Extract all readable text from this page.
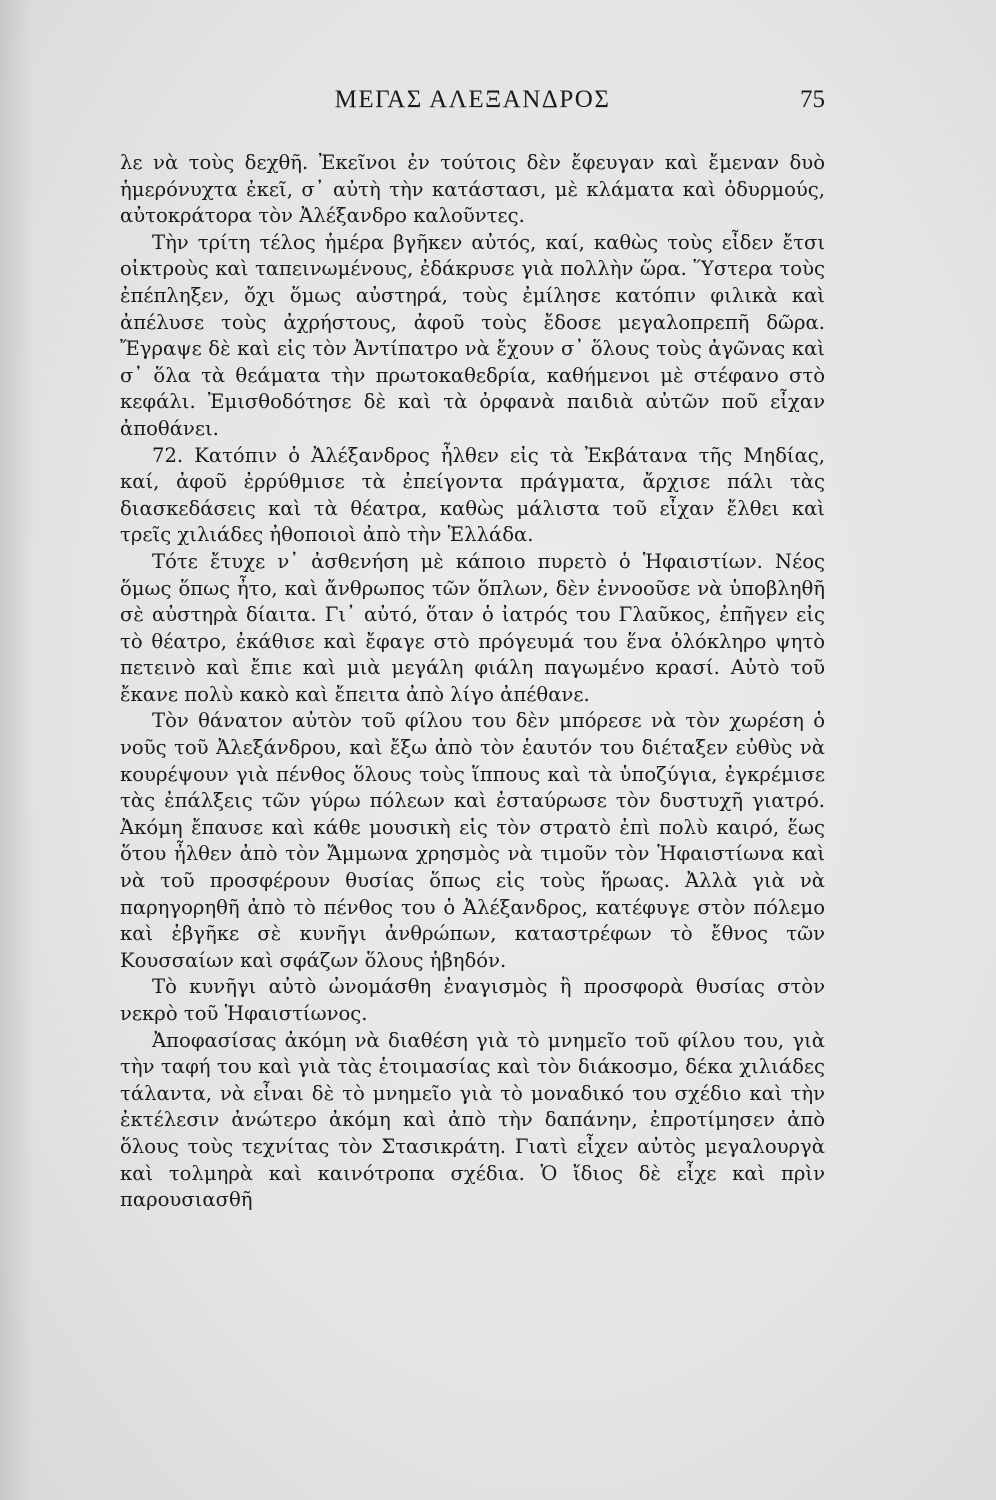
ΜΕΓΑΣ ΑΛΕΞΑΝΔΡΟΣ	75

λε νὰ τοὺς δεχθῆ. Ἐκεῖνοι ἐν τούτοις δὲν ἔφευγαν καὶ ἔμεναν δυὸ ἡμερόνυχτα ἐκεῖ, σ᾿ αὐτὴ τὴν κατάστασι, μὲ κλάματα καὶ ὀδυρμούς, αὐτοκράτορα τὸν Ἀλέξανδρο καλοῦντες.

Τὴν τρίτη τέλος ἡμέρα βγῆκεν αὐτός, καί, καθὼς τοὺς εἶδεν ἔτσι οἰκτροὺς καὶ ταπεινωμένους, ἐδάκρυσε γιὰ πολλὴν ὥρα. Ὕστερα τοὺς ἐπέπληξεν, ὄχι ὅμως αὐστηρά, τοὺς ἐμίλησε κατόπιν φιλικὰ καὶ ἀπέλυσε τοὺς ἀχρήστους, ἀφοῦ τοὺς ἔδοσε μεγαλοπρεπῆ δῶρα. Ἔγραψε δὲ καὶ εἰς τὸν Ἀντίπατρο νὰ ἔχουν σ᾿ ὅλους τοὺς ἀγῶνας καὶ σ᾿ ὅλα τὰ θεάματα τὴν πρωτοκαθεδρία, καθήμενοι μὲ στέφανο στὸ κεφάλι. Ἐμισθοδότησε δὲ καὶ τὰ ὀρφανὰ παιδιὰ αὐτῶν ποῦ εἶχαν ἀποθάνει.

72. Κατόπιν ὁ Ἀλέξανδρος ἦλθεν εἰς τὰ Ἐκβάτανα τῆς Μηδίας, καί, ἀφοῦ ἐρρύθμισε τὰ ἐπείγοντα πράγματα, ἄρχισε πάλι τὰς διασκεδάσεις καὶ τὰ θέατρα, καθὼς μάλιστα τοῦ εἶχαν ἔλθει καὶ τρεῖς χιλιάδες ἠθοποιοὶ ἀπὸ τὴν Ἑλλάδα.

Τότε ἔτυχε ν᾿ ἀσθενήση μὲ κάποιο πυρετὸ ὁ Ἡφαιστίων. Νέος ὅμως ὅπως ἦτο, καὶ ἄνθρωπος τῶν ὅπλων, δὲν ἐννοοῦσε νὰ ὑποβληθῆ σὲ αὐστηρὰ δίαιτα. Γι᾿ αὐτό, ὅταν ὁ ἰατρός του Γλαῦκος, ἐπῆγεν εἰς τὸ θέατρο, ἐκάθισε καὶ ἔφαγε στὸ πρόγευμά του ἕνα ὁλόκληρο ψητὸ πετεινὸ καὶ ἔπιε καὶ μιὰ μεγάλη φιάλη παγωμένο κρασί. Αὐτὸ τοῦ ἔκανε πολὺ κακὸ καὶ ἔπειτα ἀπὸ λίγο ἀπέθανε.

Τὸν θάνατον αὐτὸν τοῦ φίλου του δὲν μπόρεσε νὰ τὸν χωρέση ὁ νοῦς τοῦ Ἀλεξάνδρου, καὶ ἔξω ἀπὸ τὸν ἑαυτόν του διέταξεν εὐθὺς νὰ κουρέψουν γιὰ πένθος ὅλους τοὺς ἵππους καὶ τὰ ὑποζύγια, ἐγκρέμισε τὰς ἐπάλξεις τῶν γύρω πόλεων καὶ ἐσταύρωσε τὸν δυστυχῆ γιατρό. Ἀκόμη ἔπαυσε καὶ κάθε μουσικὴ εἰς τὸν στρατὸ ἐπὶ πολὺ καιρό, ἕως ὅτου ἦλθεν ἀπὸ τὸν Ἄμμωνα χρησμὸς νὰ τιμοῦν τὸν Ἡφαιστίωνα καὶ νὰ τοῦ προσφέρουν θυσίας ὅπως εἰς τοὺς ἥρωας. Ἀλλὰ γιὰ νὰ παρηγορηθῆ ἀπὸ τὸ πένθος του ὁ Ἀλέξανδρος, κατέφυγε στὸν πόλεμο καὶ ἐβγῆκε σὲ κυνῆγι ἀνθρώπων, καταστρέφων τὸ ἔθνος τῶν Κουσσαίων καὶ σφάζων ὅλους ἡβηδόν.

Τὸ κυνῆγι αὐτὸ ὠνομάσθη ἐναγισμὸς ἢ προσφορὰ θυσίας στὸν νεκρὸ τοῦ Ἡφαιστίωνος.

Ἀποφασίσας ἀκόμη νὰ διαθέση γιὰ τὸ μνημεῖο τοῦ φίλου του, γιὰ τὴν ταφή του καὶ γιὰ τὰς ἑτοιμασίας καὶ τὸν διάκοσμο, δέκα χιλιάδες τάλαντα, νὰ εἶναι δὲ τὸ μνημεῖο γιὰ τὸ μοναδικό του σχέδιο καὶ τὴν ἐκτέλεσιν ἀνώτερο ἀκόμη καὶ ἀπὸ τὴν δαπάνην, ἐπροτίμησεν ἀπὸ ὅλους τοὺς τεχνίτας τὸν Στασικράτη. Γιατὶ εἶχεν αὐτὸς μεγαλουργὰ καὶ τολμηρὰ καὶ καινότροπα σχέδια. Ὁ ἴδιος δὲ εἶχε καὶ πρὶν παρουσιασθῆ
